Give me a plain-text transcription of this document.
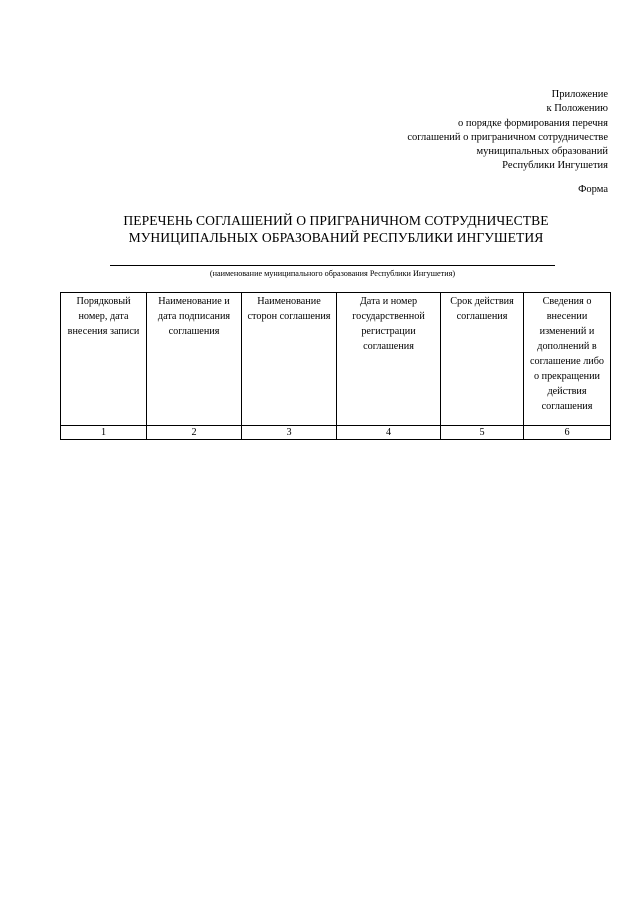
Приложение
к Положению
о порядке формирования перечня
соглашений о приграничном сотрудничестве
муниципальных образований
Республики Ингушетия
Форма
ПЕРЕЧЕНЬ СОГЛАШЕНИЙ О ПРИГРАНИЧНОМ СОТРУДНИЧЕСТВЕ
МУНИЦИПАЛЬНЫХ ОБРАЗОВАНИЙ РЕСПУБЛИКИ ИНГУШЕТИЯ
(наименование муниципального образования Республики Ингушетия)
Порядковый номер, дата внесения записи	Наименование и дата подписания соглашения	Наименование сторон соглашения	Дата и номер государственной регистрации соглашения	Срок действия соглашения	Сведения о внесении изменений и дополнений в соглашение либо о прекращении действия соглашения
1	2	3	4	5	6
